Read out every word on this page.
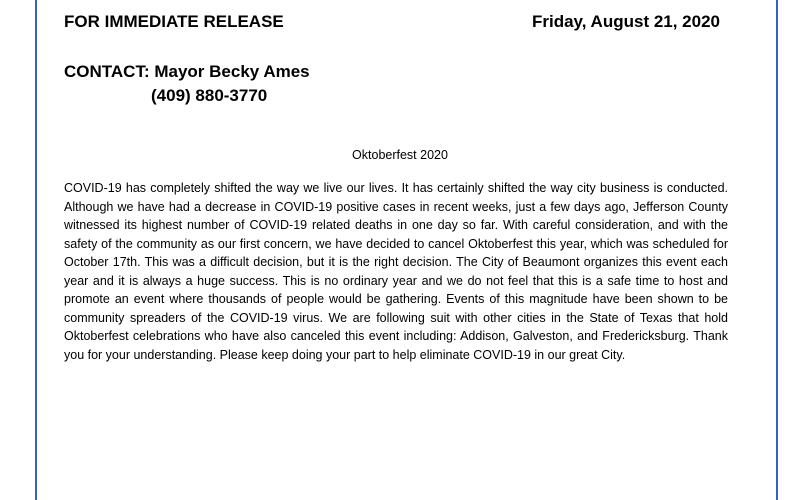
FOR IMMEDIATE RELEASE	Friday, August 21, 2020
CONTACT: Mayor Becky Ames
(409) 880-3770
Oktoberfest 2020
COVID-19 has completely shifted the way we live our lives. It has certainly shifted the way city business is conducted. Although we have had a decrease in COVID-19 positive cases in recent weeks, just a few days ago, Jefferson County witnessed its highest number of COVID-19 related deaths in one day so far. With careful consideration, and with the safety of the community as our first concern, we have decided to cancel Oktoberfest this year, which was scheduled for October 17th. This was a difficult decision, but it is the right decision. The City of Beaumont organizes this event each year and it is always a huge success. This is no ordinary year and we do not feel that this is a safe time to host and promote an event where thousands of people would be gathering. Events of this magnitude have been shown to be community spreaders of the COVID-19 virus. We are following suit with other cities in the State of Texas that hold Oktoberfest celebrations who have also canceled this event including: Addison, Galveston, and Fredericksburg. Thank you for your understanding. Please keep doing your part to help eliminate COVID-19 in our great City.
